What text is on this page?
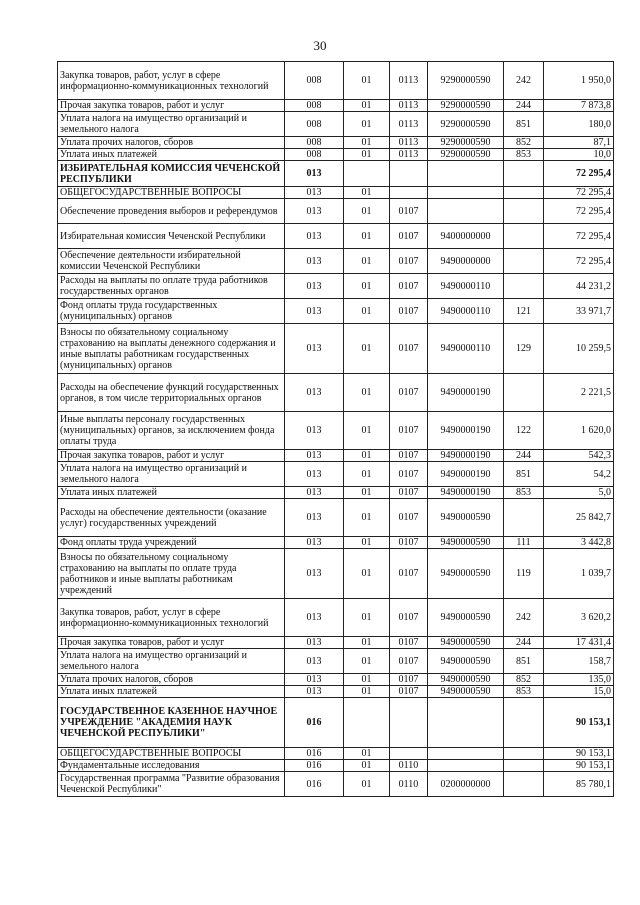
30
Закупка товаров, работ, услуг в сфере информационно-коммуникационных технологий	008	01	0113	9290000590	242	1 950,0
Прочая закупка товаров, работ и услуг	008	01	0113	9290000590	244	7 873,8
Уплата налога на имущество организаций и земельного налога	008	01	0113	9290000590	851	180,0
Уплата прочих налогов, сборов	008	01	0113	9290000590	852	87,1
Уплата иных платежей	008	01	0113	9290000590	853	10,0
ИЗБИРАТЕЛЬНАЯ КОМИССИЯ ЧЕЧЕНСКОЙ РЕСПУБЛИКИ	013					72 295,4
ОБЩЕГОСУДАРСТВЕННЫЕ ВОПРОСЫ	013	01				72 295,4
Обеспечение проведения выборов и референдумов	013	01	0107			72 295,4
Избирательная комиссия Чеченской Республики	013	01	0107	9400000000		72 295,4
Обеспечение деятельности избирательной комиссии Чеченской Республики	013	01	0107	9490000000		72 295,4
Расходы на выплаты по оплате труда работников государственных органов	013	01	0107	9490000110		44 231,2
Фонд оплаты труда государственных (муниципальных) органов	013	01	0107	9490000110	121	33 971,7
Взносы по обязательному социальному страхованию на выплаты денежного содержания и иные выплаты работникам государственных (муниципальных) органов	013	01	0107	9490000110	129	10 259,5
Расходы на обеспечение функций государственных органов, в том числе территориальных органов	013	01	0107	9490000190		2 221,5
Иные выплаты персоналу государственных (муниципальных) органов, за исключением фонда оплаты труда	013	01	0107	9490000190	122	1 620,0
Прочая закупка товаров, работ и услуг	013	01	0107	9490000190	244	542,3
Уплата налога на имущество организаций и земельного налога	013	01	0107	9490000190	851	54,2
Уплата иных платежей	013	01	0107	9490000190	853	5,0
Расходы на обеспечение деятельности (оказание услуг) государственных учреждений	013	01	0107	9490000590		25 842,7
Фонд оплаты труда учреждений	013	01	0107	9490000590	111	3 442,8
Взносы по обязательному социальному страхованию на выплаты по оплате труда работников и иные выплаты работникам учреждений	013	01	0107	9490000590	119	1 039,7
Закупка товаров, работ, услуг в сфере информационно-коммуникационных технологий	013	01	0107	9490000590	242	3 620,2
Прочая закупка товаров, работ и услуг	013	01	0107	9490000590	244	17 431,4
Уплата налога на имущество организаций и земельного налога	013	01	0107	9490000590	851	158,7
Уплата прочих налогов, сборов	013	01	0107	9490000590	852	135,0
Уплата иных платежей	013	01	0107	9490000590	853	15,0
ГОСУДАРСТВЕННОЕ КАЗЕННОЕ НАУЧНОЕ УЧРЕЖДЕНИЕ "АКАДЕМИЯ НАУК ЧЕЧЕНСКОЙ РЕСПУБЛИКИ"	016					90 153,1
ОБЩЕГОСУДАРСТВЕННЫЕ ВОПРОСЫ	016	01				90 153,1
Фундаментальные исследования	016	01	0110			90 153,1
Государственная программа "Развитие образования Чеченской Республики"	016	01	0110	0200000000		85 780,1
